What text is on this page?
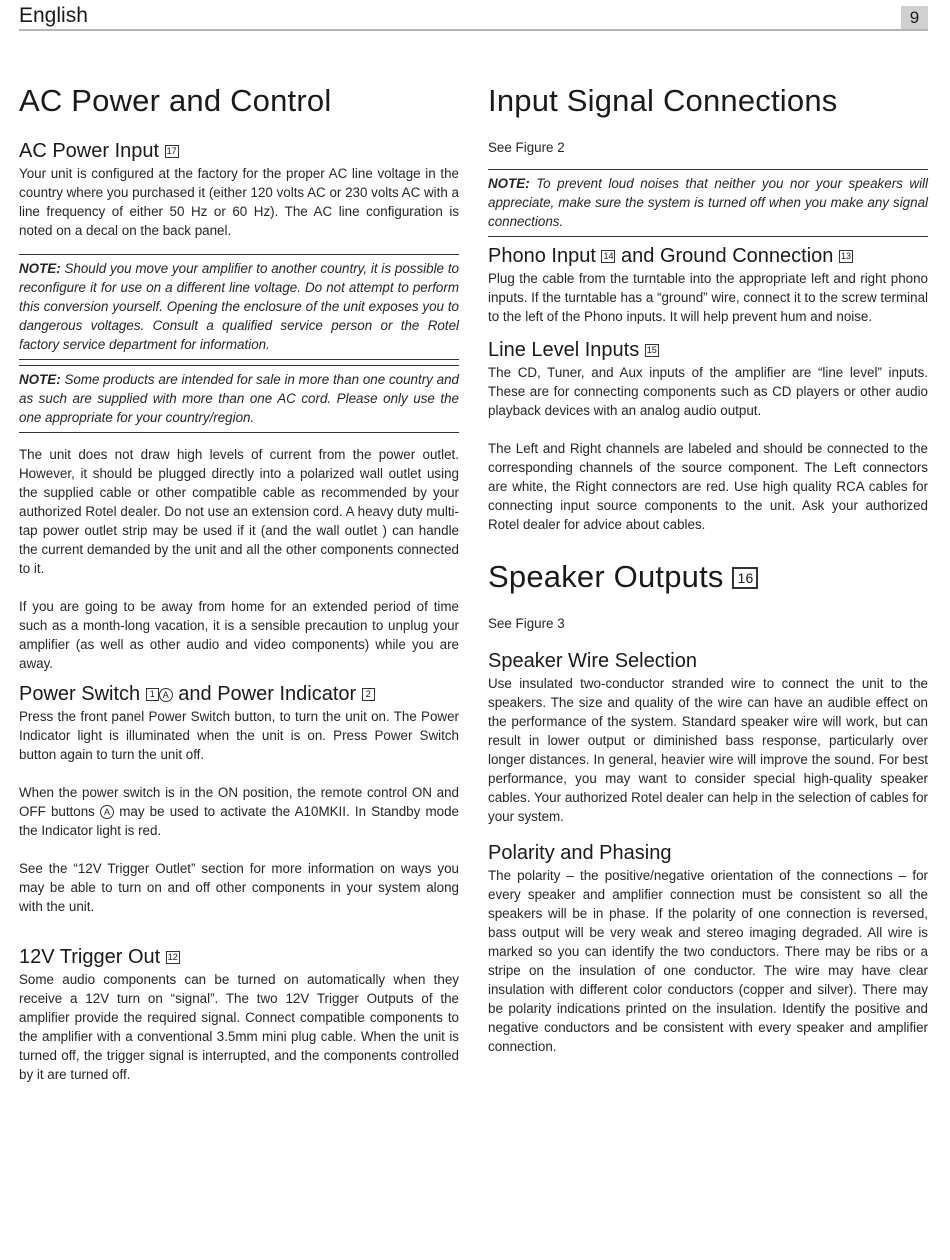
English	9
AC Power and Control
AC Power Input 17

Your unit is configured at the factory for the proper AC line voltage in the country where you purchased it (either 120 volts AC or 230 volts AC with a line frequency of either 50 Hz or 60 Hz). The AC line configuration is noted on a decal on the back panel.

NOTE: Should you move your amplifier to another country, it is possible to reconfigure it for use on a different line voltage. Do not attempt to perform this conversion yourself. Opening the enclosure of the unit exposes you to dangerous voltages. Consult a qualified service person or the Rotel factory service department for information.

NOTE: Some products are intended for sale in more than one country and as such are supplied with more than one AC cord. Please only use the one appropriate for your country/region.

The unit does not draw high levels of current from the power outlet. However, it should be plugged directly into a polarized wall outlet using the supplied cable or other compatible cable as recommended by your authorized Rotel dealer. Do not use an extension cord. A heavy duty multi-tap power outlet strip may be used if it (and the wall outlet ) can handle the current demanded by the unit and all the other components connected to it.

If you are going to be away from home for an extended period of time such as a month-long vacation, it is a sensible precaution to unplug your amplifier (as well as other audio and video components) while you are away.

Power Switch 1 A and Power Indicator 2

Press the front panel Power Switch button, to turn the unit on. The Power Indicator light is illuminated when the unit is on. Press Power Switch button again to turn the unit off.

When the power switch is in the ON position, the remote control ON and OFF buttons A may be used to activate the A10MKII. In Standby mode the Indicator light is red.

See the “12V Trigger Outlet” section for more information on ways you may be able to turn on and off other components in your system along with the unit.

12V Trigger Out 12

Some audio components can be turned on automatically when they receive a 12V turn on “signal”. The two 12V Trigger Outputs of the amplifier provide the required signal. Connect compatible components to the amplifier with a conventional 3.5mm mini plug cable. When the unit is turned off, the trigger signal is interrupted, and the components controlled by it are turned off.

Input Signal Connections

See Figure 2

NOTE: To prevent loud noises that neither you nor your speakers will appreciate, make sure the system is turned off when you make any signal connections.

Phono Input 14 and Ground Connection 13

Plug the cable from the turntable into the appropriate left and right phono inputs. If the turntable has a “ground” wire, connect it to the screw terminal to the left of the Phono inputs. It will help prevent hum and noise.

Line Level Inputs 15

The CD, Tuner, and Aux inputs of the amplifier are “line level” inputs. These are for connecting components such as CD players or other audio playback devices with an analog audio output.

The Left and Right channels are labeled and should be connected to the corresponding channels of the source component. The Left connectors are white, the Right connectors are red. Use high quality RCA cables for connecting input source components to the unit. Ask your authorized Rotel dealer for advice about cables.

Speaker Outputs 16

See Figure 3

Speaker Wire Selection

Use insulated two-conductor stranded wire to connect the unit to the speakers. The size and quality of the wire can have an audible effect on the performance of the system. Standard speaker wire will work, but can result in lower output or diminished bass response, particularly over longer distances. In general, heavier wire will improve the sound. For best performance, you may want to consider special high-quality speaker cables. Your authorized Rotel dealer can help in the selection of cables for your system.

Polarity and Phasing

The polarity – the positive/negative orientation of the connections – for every speaker and amplifier connection must be consistent so all the speakers will be in phase. If the polarity of one connection is reversed, bass output will be very weak and stereo imaging degraded. All wire is marked so you can identify the two conductors. There may be ribs or a stripe on the insulation of one conductor. The wire may have clear insulation with different color conductors (copper and silver). There may be polarity indications printed on the insulation. Identify the positive and negative conductors and be consistent with every speaker and amplifier connection.
